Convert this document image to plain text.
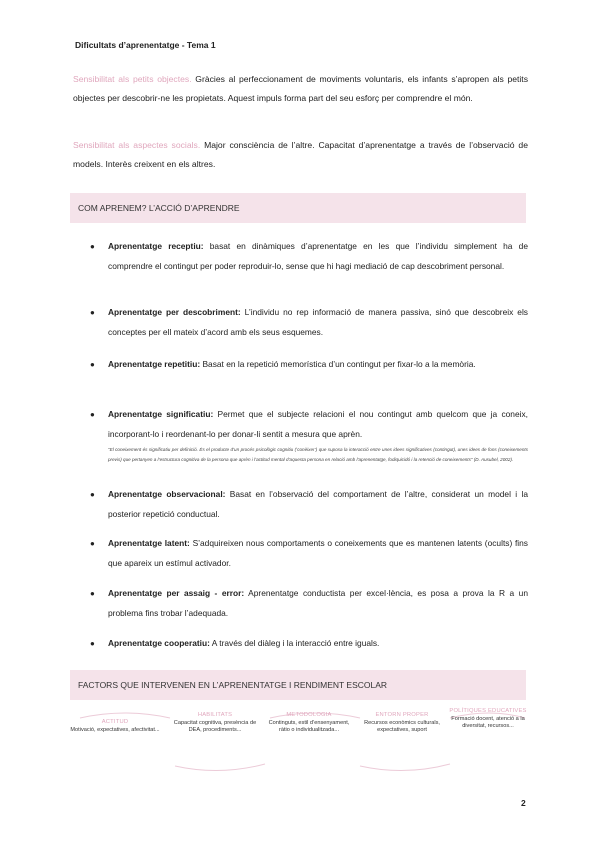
Dificultats d’aprenentatge - Tema 1
Sensibilitat als petits objectes. Gràcies al perfeccionament de moviments voluntaris, els infants s’apropen als petits objectes per descobrir-ne les propietats. Aquest impuls forma part del seu esforç per comprendre el món.
Sensibilitat als aspectes socials. Major consciència de l’altre. Capacitat d’aprenentatge a través de l’observació de models. Interès creixent en els altres.
COM APRENEM? L’ACCIÓ D’APRENDRE
● Aprenentatge receptiu: basat en dinàmiques d’aprenentatge en les que l’individu simplement ha de comprendre el contingut per poder reproduir-lo, sense que hi hagi mediació de cap descobriment personal.
● Aprenentatge per descobriment: L’individu no rep informació de manera passiva, sinó que descobreix els conceptes per ell mateix d’acord amb els seus esquemes.
● Aprenentatge repetitiu: Basat en la repetició memorística d’un contingut per fixar-lo a la memòria.
● Aprenentatge significatiu: Permet que el subjecte relacioni el nou contingut amb quelcom que ja coneix, incorporant-lo i reordenant-lo per donar-li sentit a mesura que aprèn.
"El coneixement és significatiu per definició. És el producte d’un procés psicològic cognitiu (‘conèixer’) que suposa la interacció entre unes idees significatives (contingut), unes idees de fons (coneixements previs) que pertanyen a l’estructura cognitiva de la persona que aprèn i l’actitud mental d’aquesta persona en relació amb l’aprenentatge, fodiquicidó i la retenció de coneixements" (D. Ausubel, 2002).
● Aprenentatge observacional: Basat en l’observació del comportament de l’altre, considerat un model i la posterior repetició conductual.
● Aprenentatge latent: S’adquireixen nous comportaments o coneixements que es mantenen latents (ocults) fins que apareix un estímul activador.
● Aprenentatge per assaig - error: Aprenentatge conductista per excel·lència, es posa a prova la R a un problema fins trobar l’adequada.
● Aprenentatge cooperatiu: A través del diàleg i la interacció entre iguals.
FACTORS QUE INTERVENEN EN L’APRENENTATGE I RENDIMENT ESCOLAR
ACTITUD
Motivació, expectatives, afectivitat...
HABILITATS
Capacitat cognitiva, presència de DEA, procediments...
METODOLOGIA
Continguts, estil d’ensenyament, ràtio o individualitzada...
ENTORN PROPER
Recursos econòmics culturals, expectatives, suport
POLÍTIQUES EDUCATIVES
Formació docent, atenció a la diversitat, recursos...
2
